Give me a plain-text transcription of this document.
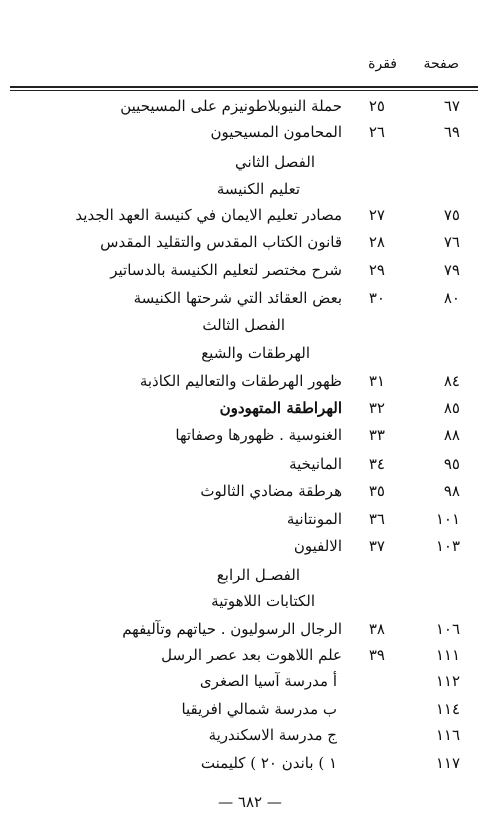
صفحة
فقرة
٦٧
٢٥
حملة النيوبلاطونيزم على المسيحيين
٦٩
٢٦
المحامون المسيحيون
الفصل الثاني
تعليم الكنيسة
٧٥
٢٧
مصادر تعليم الايمان في كنيسة العهد الجديد
٧٦
٢٨
قانون الكتاب المقدس والتقليد المقدس
٧٩
٢٩
شرح مختصر لتعليم الكنيسة بالدساتير
٨٠
٣٠
بعض العقائد التي شرحتها الكنيسة
الفصل الثالث
الهرطقات والشيع
٨٤
٣١
ظهور الهرطقات والتعاليم الكاذبة
٨٥
٣٢
الهراطقة المتهودون
٨٨
٣٣
الغنوسية . ظهورها وصفاتها
٩٥
٣٤
المانيخية
٩٨
٣٥
هرطقة مضادي الثالوث
١٠١
٣٦
المونتانية
١٠٣
٣٧
الالفيون
الفصـل الرابع
الكتابات اللاهوتية
١٠٦
٣٨
الرجال الرسوليون . حياتهم وتآليفهم
١١١
٣٩
علم اللاهوت بعد عصر الرسل
١١٢
أ مدرسة آسيا الصغرى
١١٤
ب مدرسة شمالي افريقيا
١١٦
ج مدرسة الاسكندرية
١١٧
١ ) باندن ٢٠ ) كليمنت
— ٦٨٢ —
